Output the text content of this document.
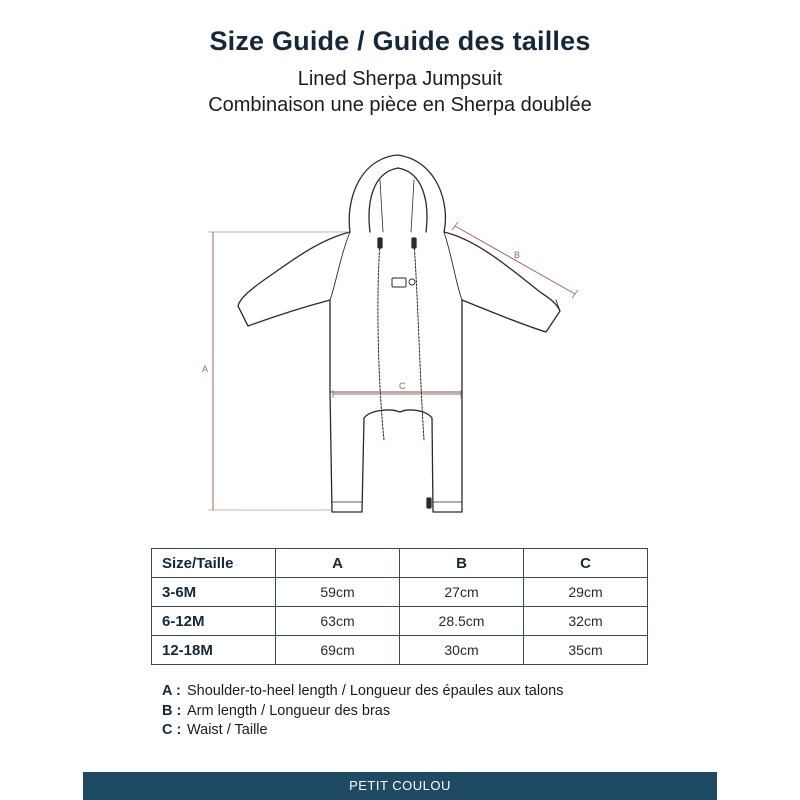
Size Guide / Guide des tailles

Lined Sherpa Jumpsuit

Combinaison une pièce en Sherpa doublée

A
B
C
Size/Taille	A	B	C
3-6M	59cm	27cm	29cm
6-12M	63cm	28.5cm	32cm
12-18M	69cm	30cm	35cm
A : Shoulder-to-heel length / Longueur des épaules aux talons
B : Arm length / Longueur des bras
C : Waist / Taille
PETIT COULOU
